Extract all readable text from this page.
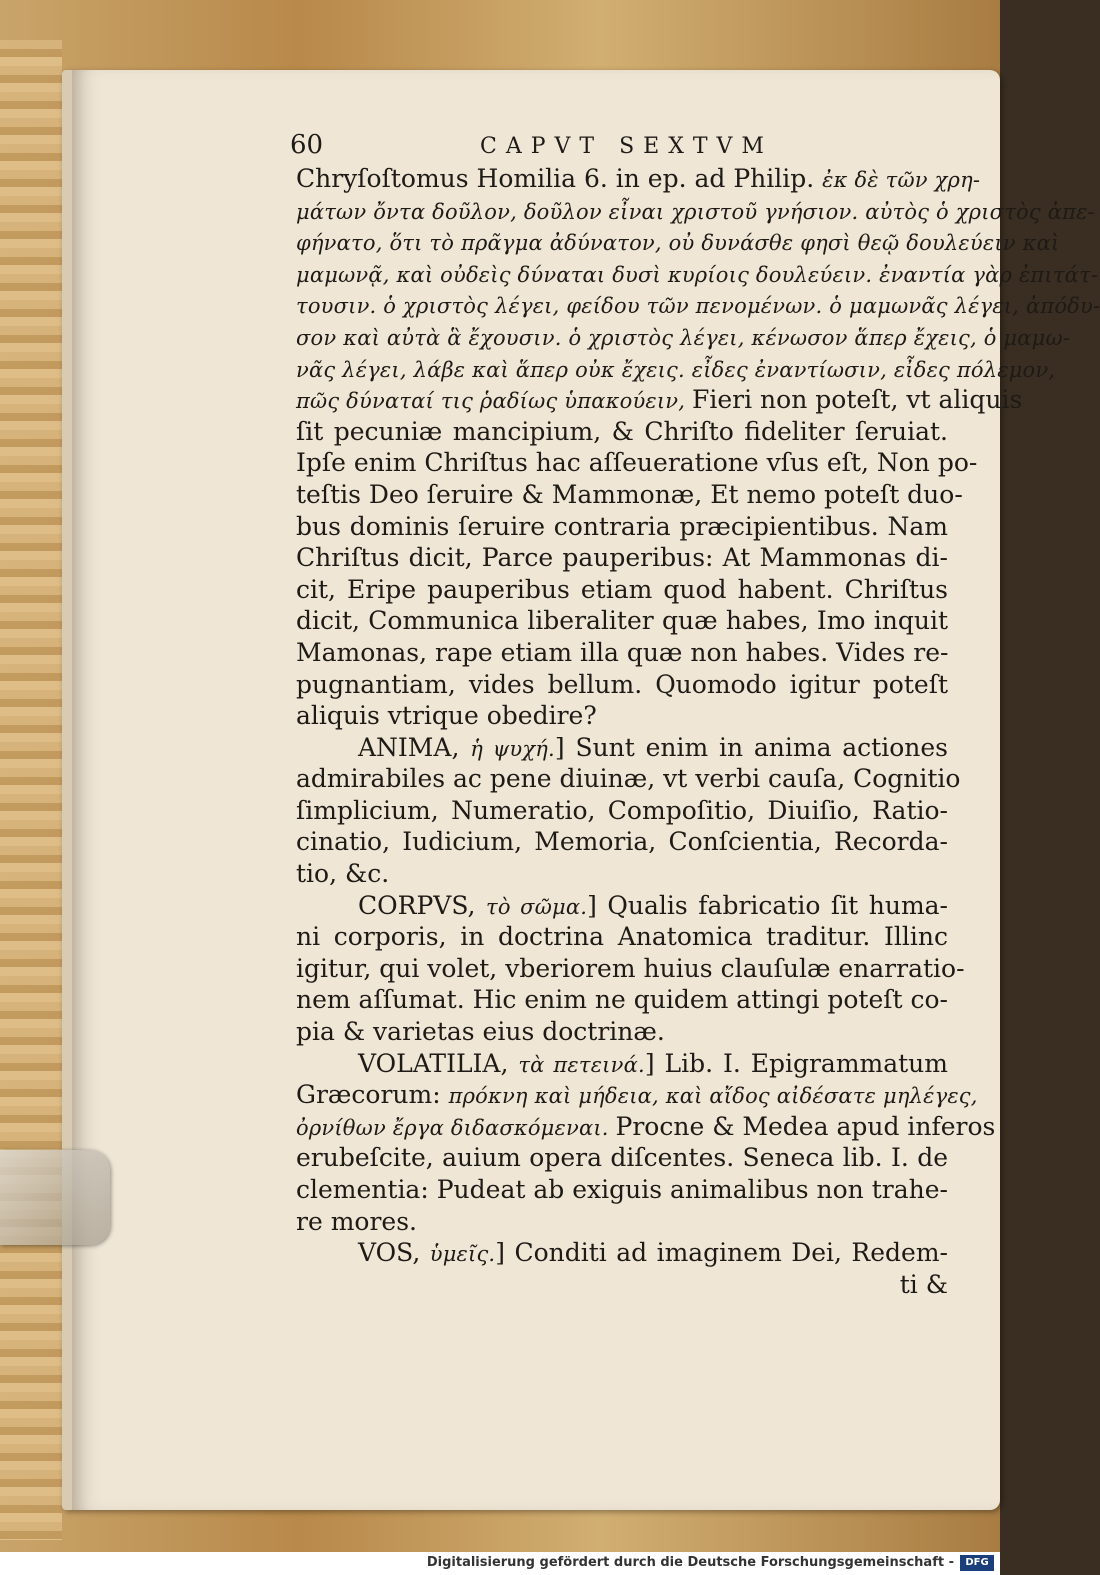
60	CAPVT SEXTVM
Chryſoſtomus Homilia 6. in ep. ad Philip. ἐκ δὲ τῶν χρη-
μάτων ὄντα δοῦλον, δοῦλον εἶναι χριστοῦ γνήσιον. αὐτὸς ὁ χριστὸς ἀπε-
φήνατο, ὅτι τὸ πρᾶγμα ἀδύνατον, οὐ δυνάσθε φησὶ θεῷ δουλεύειν καὶ
μαμωνᾷ, καὶ οὐδεὶς δύναται δυσὶ κυρίοις δουλεύειν. ἐναντία γὰρ ἐπιτάτ-
τουσιν. ὁ χριστὸς λέγει, φείδου τῶν πενομένων. ὁ μαμωνᾶς λέγει, ἀπόδυ-
σον καὶ αὐτὰ ἃ ἔχουσιν. ὁ χριστὸς λέγει, κένωσον ἅπερ ἔχεις, ὁ μαμω-
νᾶς λέγει, λάβε καὶ ἅπερ οὐκ ἔχεις. εἶδες ἐναντίωσιν, εἶδες πόλεμον,
πῶς δύναταί τις ῥαδίως ὑπακούειν, Fieri non poteſt, vt aliquis
ſit pecuniæ mancipium, & Chriſto fideliter ſeruiat.
Ipſe enim Chriſtus hac aſſeueratione vſus eſt, Non po-
teſtis Deo ſeruire & Mammonæ, Et nemo poteſt duo-
bus dominis ſeruire contraria præcipientibus. Nam
Chriſtus dicit, Parce pauperibus: At Mammonas di-
cit, Eripe pauperibus etiam quod habent. Chriſtus
dicit, Communica liberaliter quæ habes, Imo inquit
Mamonas, rape etiam illa quæ non habes. Vides re-
pugnantiam, vides bellum. Quomodo igitur poteſt
aliquis vtrique obedire?
ANIMA, ἡ ψυχή.] Sunt enim in anima actiones
admirabiles ac pene diuinæ, vt verbi cauſa, Cognitio
ſimplicium, Numeratio, Compoſitio, Diuiſio, Ratio-
cinatio, Iudicium, Memoria, Conſcientia, Recorda-
tio, &c.
CORPVS, τὸ σῶμα.] Qualis fabricatio ſit huma-
ni corporis, in doctrina Anatomica traditur. Illinc
igitur, qui volet, vberiorem huius clauſulæ enarratio-
nem aſſumat. Hic enim ne quidem attingi poteſt co-
pia & varietas eius doctrinæ.
VOLATILIA, τὰ πετεινά.] Lib. I. Epigrammatum
Græcorum: πρόκνη καὶ μήδεια, καὶ αἴδος αἰδέσατε μηλέγες,
ὀρνίθων ἔργα διδασκόμεναι. Procne & Medea apud inferos
erubeſcite, auium opera diſcentes. Seneca lib. I. de
clementia: Pudeat ab exiguis animalibus non trahe-
re mores.
VOS, ὑμεῖς.] Conditi ad imaginem Dei, Redem-
ti &
Digitalisierung gefördert durch die Deutsche Forschungsgemeinschaft -	DFG
